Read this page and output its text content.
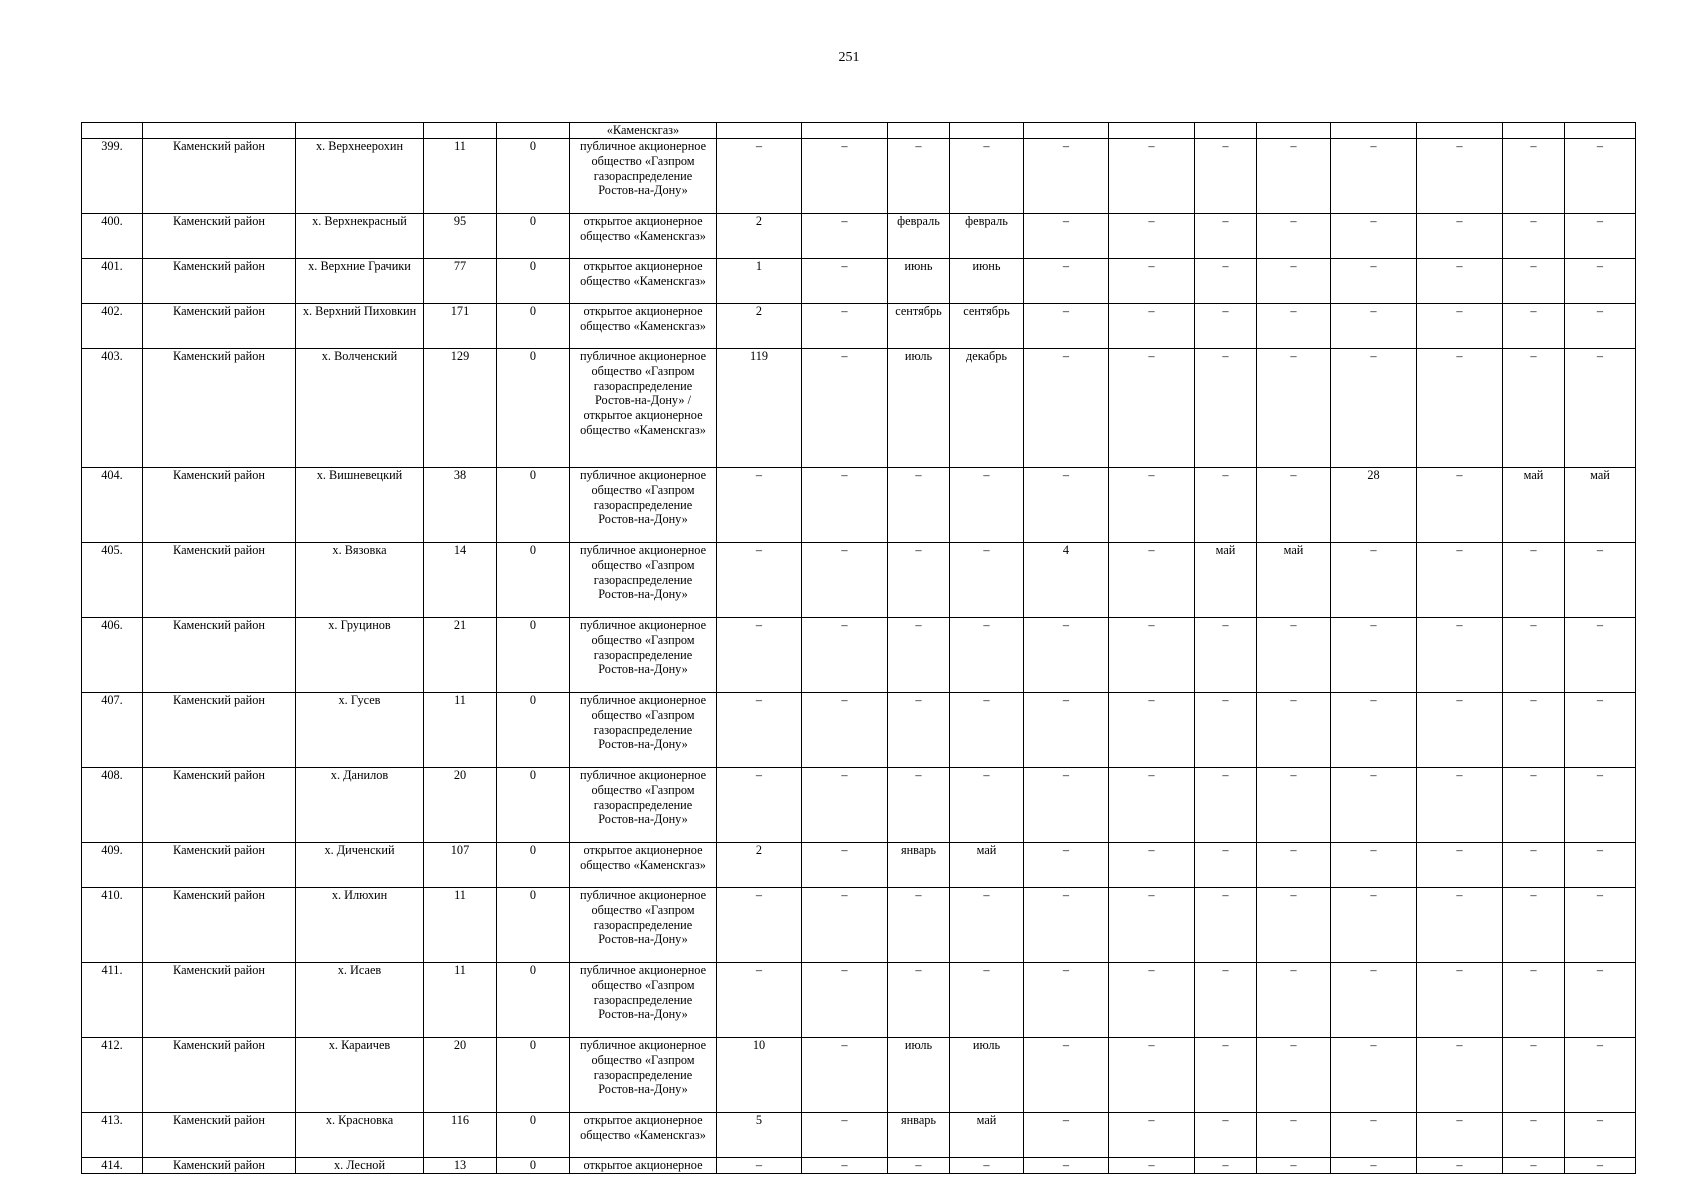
251
					«Каменскгаз»												
399.	Каменский район	х. Верхнеерохин	11	0	публичное акционерное общество «Газпром газораспределение Ростов-на-Дону»	–	–	–	–	–	–	–	–	–	–	–	–
400.	Каменский район	х. Верхнекрасный	95	0	открытое акционерное общество «Каменскгаз»	2	–	февраль	февраль	–	–	–	–	–	–	–	–
401.	Каменский район	х. Верхние Грачики	77	0	открытое акционерное общество «Каменскгаз»	1	–	июнь	июнь	–	–	–	–	–	–	–	–
402.	Каменский район	х. Верхний Пиховкин	171	0	открытое акционерное общество «Каменскгаз»	2	–	сентябрь	сентябрь	–	–	–	–	–	–	–	–
403.	Каменский район	х. Волченский	129	0	публичное акционерное общество «Газпром газораспределение Ростов-на-Дону» / открытое акционерное общество «Каменскгаз»	119	–	июль	декабрь	–	–	–	–	–	–	–	–
404.	Каменский район	х. Вишневецкий	38	0	публичное акционерное общество «Газпром газораспределение Ростов-на-Дону»	–	–	–	–	–	–	–	–	28	–	май	май
405.	Каменский район	х. Вязовка	14	0	публичное акционерное общество «Газпром газораспределение Ростов-на-Дону»	–	–	–	–	4	–	май	май	–	–	–	–
406.	Каменский район	х. Груцинов	21	0	публичное акционерное общество «Газпром газораспределение Ростов-на-Дону»	–	–	–	–	–	–	–	–	–	–	–	–
407.	Каменский район	х. Гусев	11	0	публичное акционерное общество «Газпром газораспределение Ростов-на-Дону»	–	–	–	–	–	–	–	–	–	–	–	–
408.	Каменский район	х. Данилов	20	0	публичное акционерное общество «Газпром газораспределение Ростов-на-Дону»	–	–	–	–	–	–	–	–	–	–	–	–
409.	Каменский район	х. Диченский	107	0	открытое акционерное общество «Каменскгаз»	2	–	январь	май	–	–	–	–	–	–	–	–
410.	Каменский район	х. Илюхин	11	0	публичное акционерное общество «Газпром газораспределение Ростов-на-Дону»	–	–	–	–	–	–	–	–	–	–	–	–
411.	Каменский район	х. Исаев	11	0	публичное акционерное общество «Газпром газораспределение Ростов-на-Дону»	–	–	–	–	–	–	–	–	–	–	–	–
412.	Каменский район	х. Караичев	20	0	публичное акционерное общество «Газпром газораспределение Ростов-на-Дону»	10	–	июль	июль	–	–	–	–	–	–	–	–
413.	Каменский район	х. Красновка	116	0	открытое акционерное общество «Каменскгаз»	5	–	январь	май	–	–	–	–	–	–	–	–
414.	Каменский район	х. Лесной	13	0	открытое акционерное	–	–	–	–	–	–	–	–	–	–	–	–
